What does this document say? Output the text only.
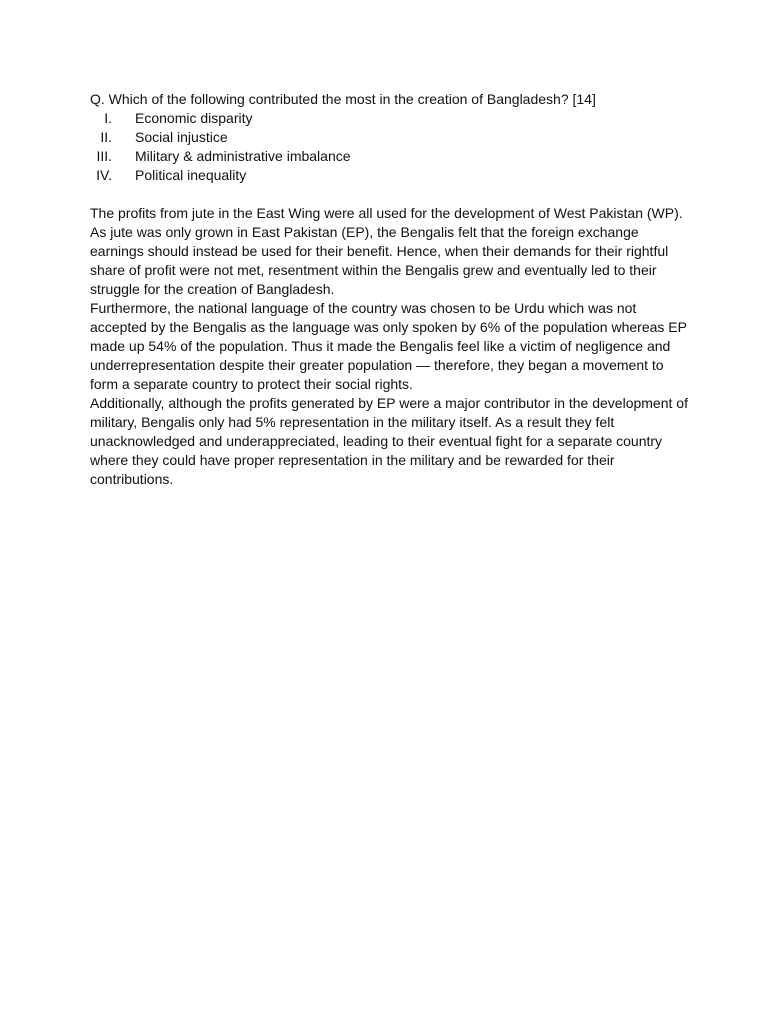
Q. Which of the following contributed the most in the creation of Bangladesh? [14]

I. Economic disparity
II. Social injustice
III. Military & administrative imbalance
IV. Political inequality

The profits from jute in the East Wing were all used for the development of West Pakistan (WP). As jute was only grown in East Pakistan (EP), the Bengalis felt that the foreign exchange earnings should instead be used for their benefit. Hence, when their demands for their rightful share of profit were not met, resentment within the Bengalis grew and eventually led to their struggle for the creation of Bangladesh.

Furthermore, the national language of the country was chosen to be Urdu which was not accepted by the Bengalis as the language was only spoken by 6% of the population whereas EP made up 54% of the population. Thus it made the Bengalis feel like a victim of negligence and underrepresentation despite their greater population — therefore, they began a movement to form a separate country to protect their social rights.

Additionally, although the profits generated by EP were a major contributor in the development of military, Bengalis only had 5% representation in the military itself. As a result they felt unacknowledged and underappreciated, leading to their eventual fight for a separate country where they could have proper representation in the military and be rewarded for their contributions.
